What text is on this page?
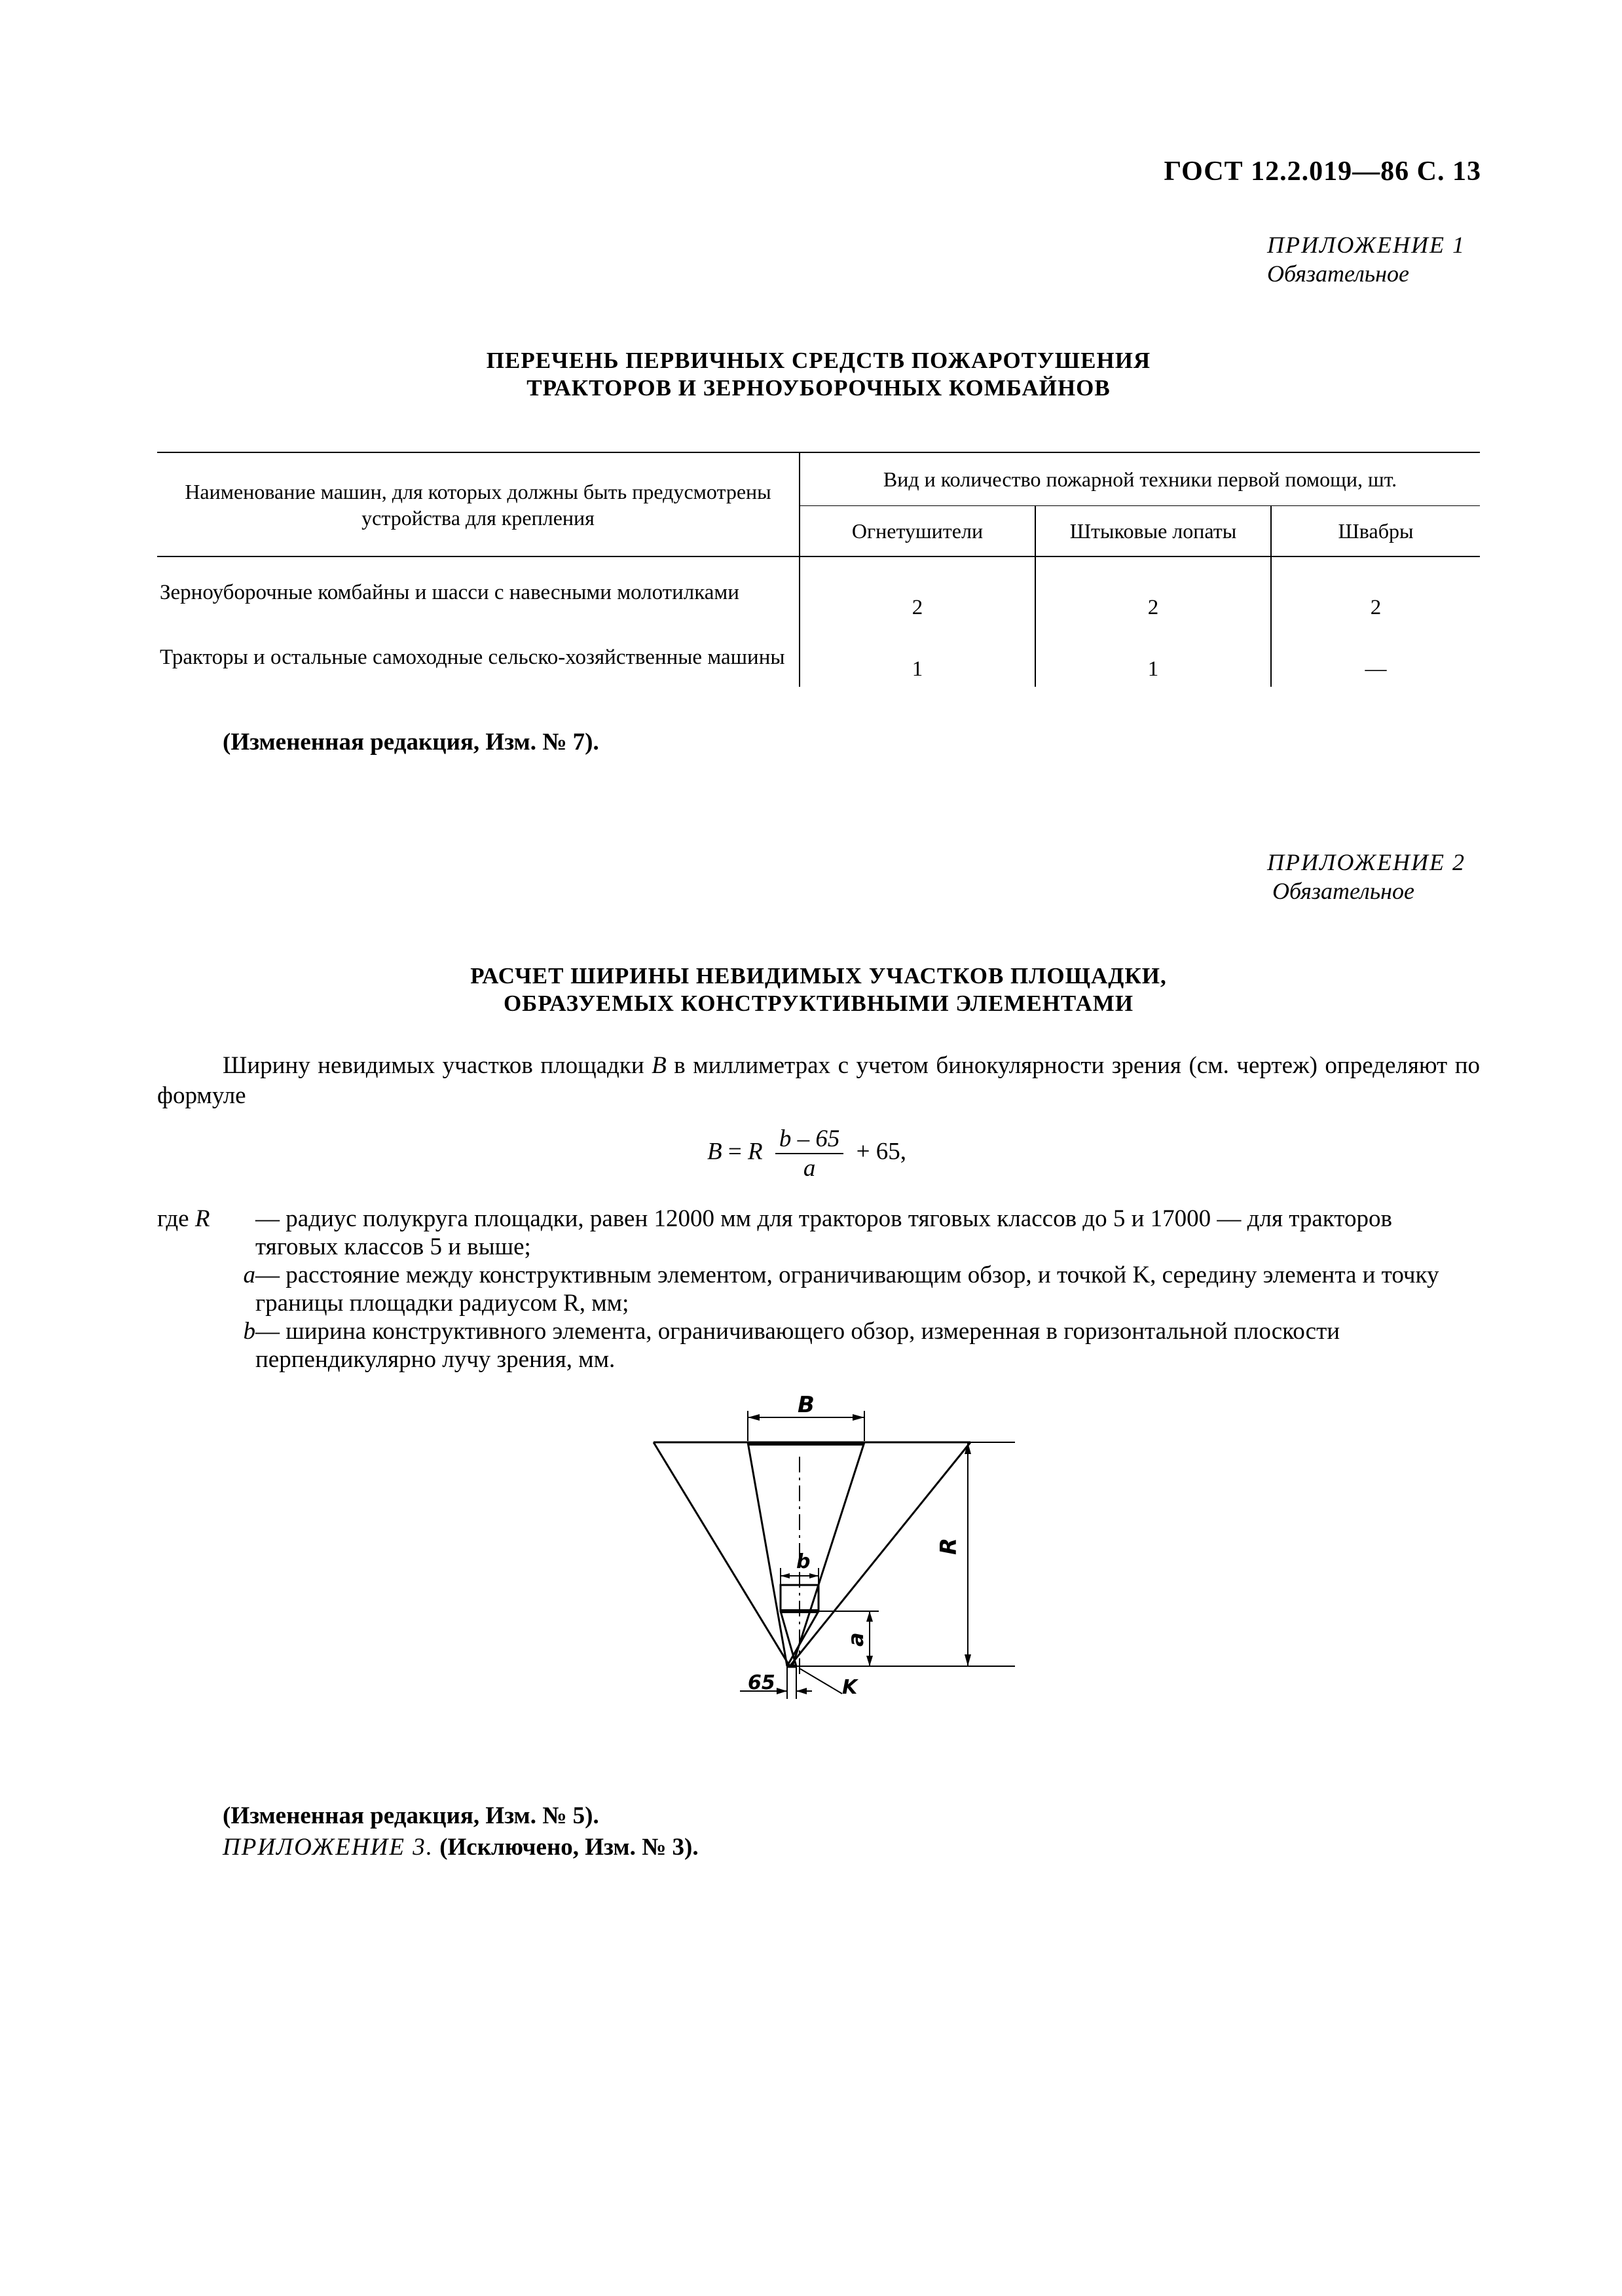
ГОСТ 12.2.019—86 С. 13
ПРИЛОЖЕНИЕ 1
Обязательное
ПЕРЕЧЕНЬ ПЕРВИЧНЫХ СРЕДСТВ ПОЖАРОТУШЕНИЯ
ТРАКТОРОВ И ЗЕРНОУБОРОЧНЫХ КОМБАЙНОВ
Наименование машин, для которых должны быть предусмотрены устройства для крепления	Вид и количество пожарной техники первой помощи, шт.		
	Огнетушители	Штыковые лопаты	Швабры
Зерноуборочные комбайны и шасси с навесными молотилками	2	2	2
Тракторы и остальные самоходные сельско-хозяйственные машины	1	1	—
(Измененная редакция, Изм. № 7).
ПРИЛОЖЕНИЕ 2
Обязательное
РАСЧЕТ ШИРИНЫ НЕВИДИМЫХ УЧАСТКОВ ПЛОЩАДКИ,
ОБРАЗУЕМЫХ КОНСТРУКТИВНЫМИ ЭЛЕМЕНТАМИ
Ширину невидимых участков площадки B в миллиметрах с учетом бинокулярности зрения (см. чертеж) определяют по формуле
B = R $\frac{b - 65}{a} + 65$,
где R	— радиус полукруга площадки, равен 12000 мм для тракторов тяговых классов до 5 и 17000 — для тракторов тяговых классов 5 и выше;
a — расстояние между конструктивным элементом, ограничивающим обзор, и точкой K, середину элемента и точку границы площадки радиусом R, мм;
b — ширина конструктивного элемента, ограничивающего обзор, измеренная в горизонтальной плоскости перпендикулярно лучу зрения, мм.
B
b
65	K
R
a
(Измененная редакция, Изм. № 5).
ПРИЛОЖЕНИЕ 3. (Исключено, Изм. № 3).
